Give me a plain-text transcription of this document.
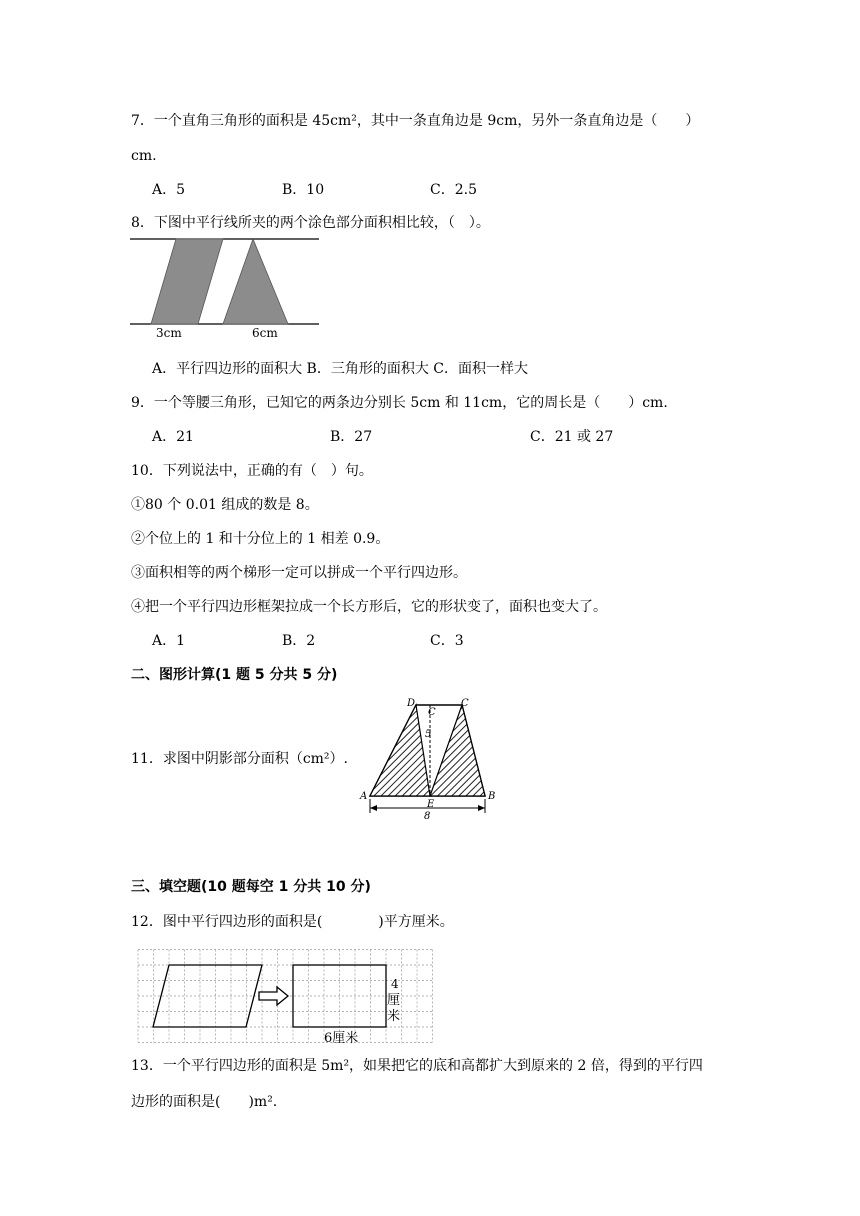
7．一个直角三角形的面积是 45cm²，其中一条直角边是 9cm，另外一条直角边是（　　）
cm.
A．5	B．10	C．2.5
8．下图中平行线所夹的两个涂色部分面积相比较，（　）。
3cm	6cm
A．平行四边形的面积大 B．三角形的面积大 C．面积一样大
9．一个等腰三角形，已知它的两条边分别长 5cm 和 11cm，它的周长是（　　）cm.
A．21	B．27	C．21 或 27
10．下列说法中，正确的有（　）句。
①80 个 0.01 组成的数是 8。
②个位上的 1 和十分位上的 1 相差 0.9。
③面积相等的两个梯形一定可以拼成一个平行四边形。
④把一个平行四边形框架拉成一个长方形后，它的形状变了，面积也变大了。
A．1	B．2	C．3
二、图形计算(1 题 5 分共 5 分)
11．求图中阴影部分面积（cm²）.
D
C
C
5
A	B
E
8
三、填空题(10 题每空 1 分共 10 分)
12．图中平行四边形的面积是(　　　　)平方厘米。
4
厘
米
6厘米
13．一个平行四边形的面积是 5m²，如果把它的底和高都扩大到原来的 2 倍，得到的平行四
边形的面积是(　　)m².
